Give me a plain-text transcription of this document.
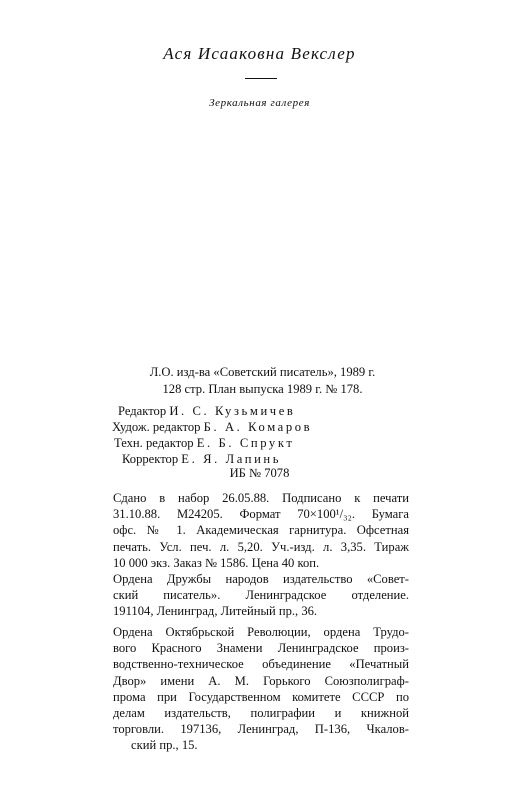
Ася Исааковна Векслер
Зеркальная галерея
Л.О. изд-ва «Советский писатель», 1989 г.
128 стр. План выпуска 1989 г. № 178.
Редактор И. С. Кузьмичев
Худож. редактор Б. А. Комаров
Техн. редактор Е. Б. Спрукт
Корректор Е. Я. Лапинь
ИБ № 7078
Сдано в набор 26.05.88. Подписано к печати
31.10.88. М24205. Формат 70×100¹/₃₂. Бумага
офс. № 1. Академическая гарнитура. Офсетная
печать. Усл. печ. л. 5,20. Уч.-изд. л. 3,35. Тираж
10 000 экз. Заказ № 1586. Цена 40 коп.
Ордена Дружбы народов издательство «Совет-
ский писатель». Ленинградское отделение.
191104, Ленинград, Литейный пр., 36.
Ордена Октябрьской Революции, ордена Трудо-
вого Красного Знамени Ленинградское произ-
водственно-техническое объединение «Печатный
Двор» имени А. М. Горького Союзполиграф-
прома при Государственном комитете СССР по
делам издательств, полиграфии и книжной
торговли. 197136, Ленинград, П-136, Чкалов-
ский пр., 15.
